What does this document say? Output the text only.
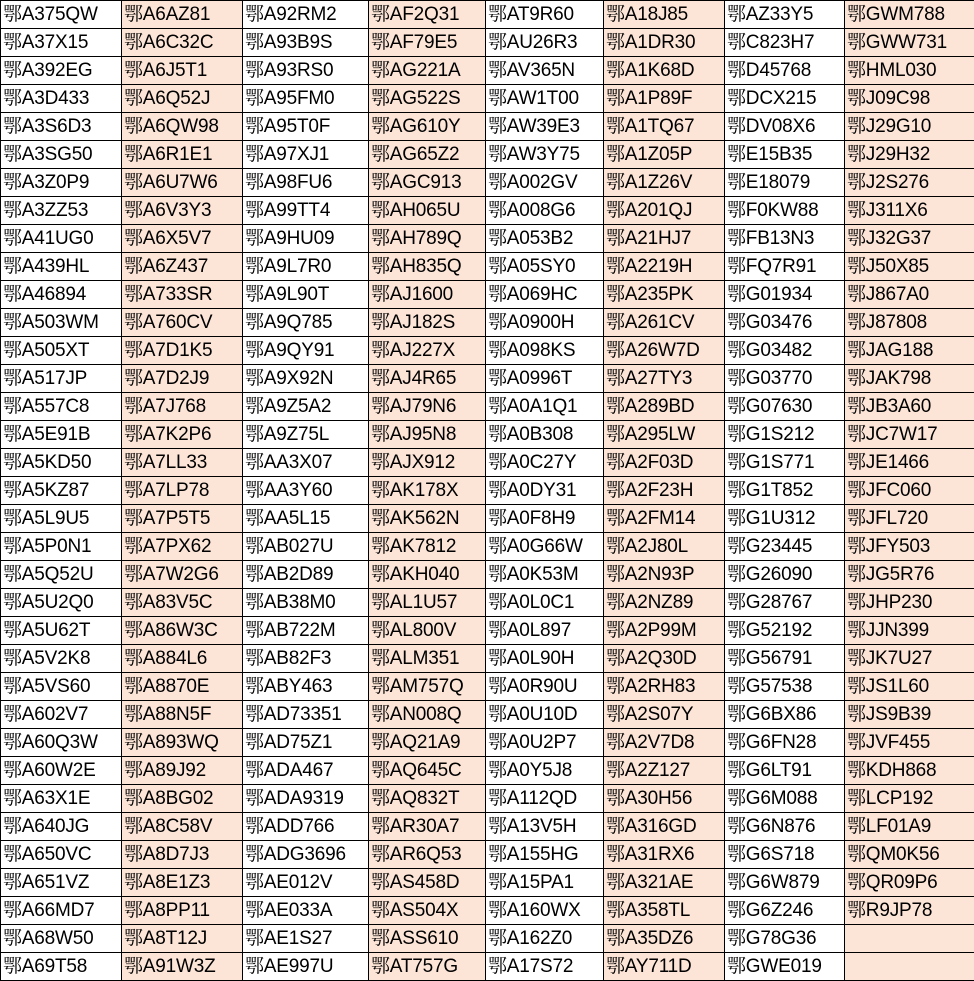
鄂A375QW	鄂A6AZ81	鄂A92RM2	鄂AF2Q31	鄂AT9R60	鄂A18J85	鄂AZ33Y5	鄂GWM788
鄂A37X15	鄂A6C32C	鄂A93B9S	鄂AF79E5	鄂AU26R3	鄂A1DR30	鄂C823H7	鄂GWW731
鄂A392EG	鄂A6J5T1	鄂A93RS0	鄂AG221A	鄂AV365N	鄂A1K68D	鄂D45768	鄂HML030
鄂A3D433	鄂A6Q52J	鄂A95FM0	鄂AG522S	鄂AW1T00	鄂A1P89F	鄂DCX215	鄂J09C98
鄂A3S6D3	鄂A6QW98	鄂A95T0F	鄂AG610Y	鄂AW39E3	鄂A1TQ67	鄂DV08X6	鄂J29G10
鄂A3SG50	鄂A6R1E1	鄂A97XJ1	鄂AG65Z2	鄂AW3Y75	鄂A1Z05P	鄂E15B35	鄂J29H32
鄂A3Z0P9	鄂A6U7W6	鄂A98FU6	鄂AGC913	鄂A002GV	鄂A1Z26V	鄂E18079	鄂J2S276
鄂A3ZZ53	鄂A6V3Y3	鄂A99TT4	鄂AH065U	鄂A008G6	鄂A201QJ	鄂F0KW88	鄂J311X6
鄂A41UG0	鄂A6X5V7	鄂A9HU09	鄂AH789Q	鄂A053B2	鄂A21HJ7	鄂FB13N3	鄂J32G37
鄂A439HL	鄂A6Z437	鄂A9L7R0	鄂AH835Q	鄂A05SY0	鄂A2219H	鄂FQ7R91	鄂J50X85
鄂A46894	鄂A733SR	鄂A9L90T	鄂AJ1600	鄂A069HC	鄂A235PK	鄂G01934	鄂J867A0
鄂A503WM	鄂A760CV	鄂A9Q785	鄂AJ182S	鄂A0900H	鄂A261CV	鄂G03476	鄂J87808
鄂A505XT	鄂A7D1K5	鄂A9QY91	鄂AJ227X	鄂A098KS	鄂A26W7D	鄂G03482	鄂JAG188
鄂A517JP	鄂A7D2J9	鄂A9X92N	鄂AJ4R65	鄂A0996T	鄂A27TY3	鄂G03770	鄂JAK798
鄂A557C8	鄂A7J768	鄂A9Z5A2	鄂AJ79N6	鄂A0A1Q1	鄂A289BD	鄂G07630	鄂JB3A60
鄂A5E91B	鄂A7K2P6	鄂A9Z75L	鄂AJ95N8	鄂A0B308	鄂A295LW	鄂G1S212	鄂JC7W17
鄂A5KD50	鄂A7LL33	鄂AA3X07	鄂AJX912	鄂A0C27Y	鄂A2F03D	鄂G1S771	鄂JE1466
鄂A5KZ87	鄂A7LP78	鄂AA3Y60	鄂AK178X	鄂A0DY31	鄂A2F23H	鄂G1T852	鄂JFC060
鄂A5L9U5	鄂A7P5T5	鄂AA5L15	鄂AK562N	鄂A0F8H9	鄂A2FM14	鄂G1U312	鄂JFL720
鄂A5P0N1	鄂A7PX62	鄂AB027U	鄂AK7812	鄂A0G66W	鄂A2J80L	鄂G23445	鄂JFY503
鄂A5Q52U	鄂A7W2G6	鄂AB2D89	鄂AKH040	鄂A0K53M	鄂A2N93P	鄂G26090	鄂JG5R76
鄂A5U2Q0	鄂A83V5C	鄂AB38M0	鄂AL1U57	鄂A0L0C1	鄂A2NZ89	鄂G28767	鄂JHP230
鄂A5U62T	鄂A86W3C	鄂AB722M	鄂AL800V	鄂A0L897	鄂A2P99M	鄂G52192	鄂JJN399
鄂A5V2K8	鄂A884L6	鄂AB82F3	鄂ALM351	鄂A0L90H	鄂A2Q30D	鄂G56791	鄂JK7U27
鄂A5VS60	鄂A8870E	鄂ABY463	鄂AM757Q	鄂A0R90U	鄂A2RH83	鄂G57538	鄂JS1L60
鄂A602V7	鄂A88N5F	鄂AD73351	鄂AN008Q	鄂A0U10D	鄂A2S07Y	鄂G6BX86	鄂JS9B39
鄂A60Q3W	鄂A893WQ	鄂AD75Z1	鄂AQ21A9	鄂A0U2P7	鄂A2V7D8	鄂G6FN28	鄂JVF455
鄂A60W2E	鄂A89J92	鄂ADA467	鄂AQ645C	鄂A0Y5J8	鄂A2Z127	鄂G6LT91	鄂KDH868
鄂A63X1E	鄂A8BG02	鄂ADA9319	鄂AQ832T	鄂A112QD	鄂A30H56	鄂G6M088	鄂LCP192
鄂A640JG	鄂A8C58V	鄂ADD766	鄂AR30A7	鄂A13V5H	鄂A316GD	鄂G6N876	鄂LF01A9
鄂A650VC	鄂A8D7J3	鄂ADG3696	鄂AR6Q53	鄂A155HG	鄂A31RX6	鄂G6S718	鄂QM0K56
鄂A651VZ	鄂A8E1Z3	鄂AE012V	鄂AS458D	鄂A15PA1	鄂A321AE	鄂G6W879	鄂QR09P6
鄂A66MD7	鄂A8PP11	鄂AE033A	鄂AS504X	鄂A160WX	鄂A358TL	鄂G6Z246	鄂R9JP78
鄂A68W50	鄂A8T12J	鄂AE1S27	鄂ASS610	鄂A162Z0	鄂A35DZ6	鄂G78G36	
鄂A69T58	鄂A91W3Z	鄂AE997U	鄂AT757G	鄂A17S72	鄂AY711D	鄂GWE019	
